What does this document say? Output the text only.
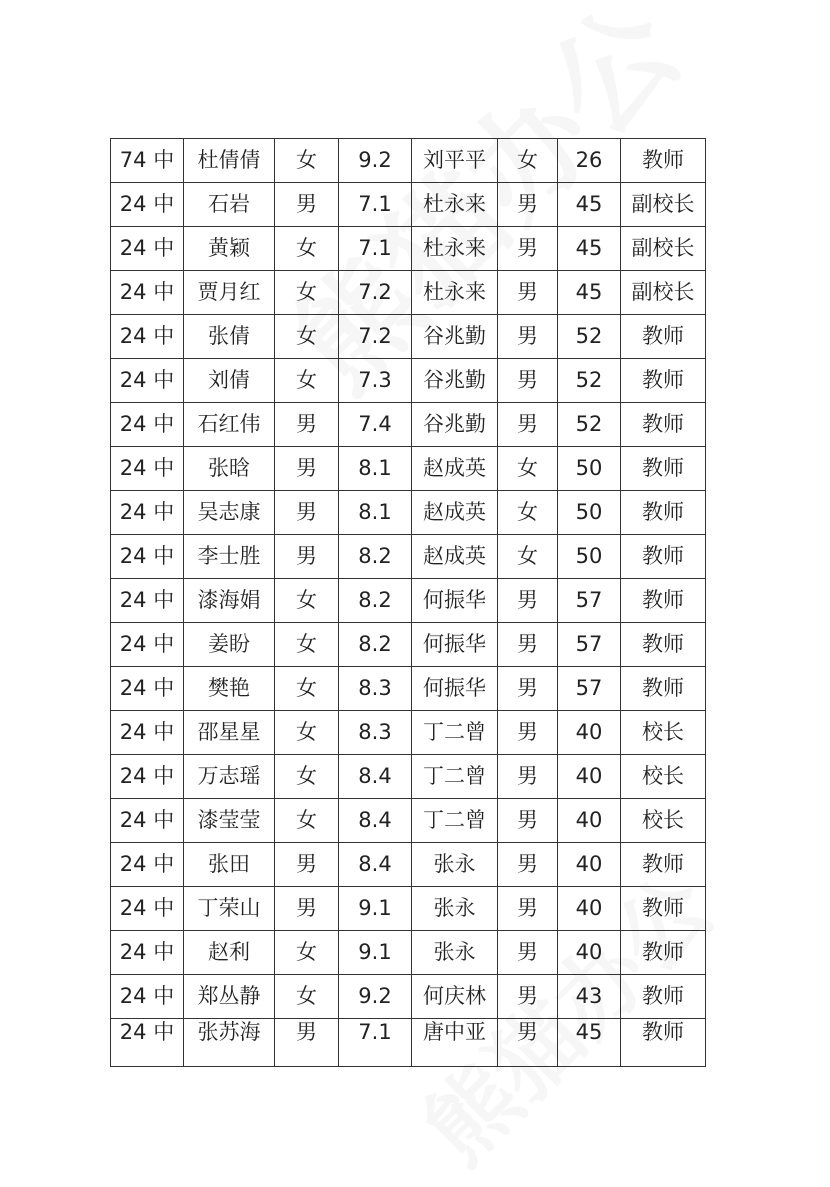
74 中	杜倩倩	女	9.2	刘平平	女	26	教师
24 中	石岩	男	7.1	杜永来	男	45	副校长
24 中	黄颖	女	7.1	杜永来	男	45	副校长
24 中	贾月红	女	7.2	杜永来	男	45	副校长
24 中	张倩	女	7.2	谷兆勤	男	52	教师
24 中	刘倩	女	7.3	谷兆勤	男	52	教师
24 中	石红伟	男	7.4	谷兆勤	男	52	教师
24 中	张晗	男	8.1	赵成英	女	50	教师
24 中	吴志康	男	8.1	赵成英	女	50	教师
24 中	李士胜	男	8.2	赵成英	女	50	教师
24 中	漆海娟	女	8.2	何振华	男	57	教师
24 中	姜盼	女	8.2	何振华	男	57	教师
24 中	樊艳	女	8.3	何振华	男	57	教师
24 中	邵星星	女	8.3	丁二曾	男	40	校长
24 中	万志瑶	女	8.4	丁二曾	男	40	校长
24 中	漆莹莹	女	8.4	丁二曾	男	40	校长
24 中	张田	男	8.4	张永	男	40	教师
24 中	丁荣山	男	9.1	张永	男	40	教师
24 中	赵利	女	9.1	张永	男	40	教师
24 中	郑丛静	女	9.2	何庆林	男	43	教师
24 中	张苏海	男	7.1	唐中亚	男	45	教师
